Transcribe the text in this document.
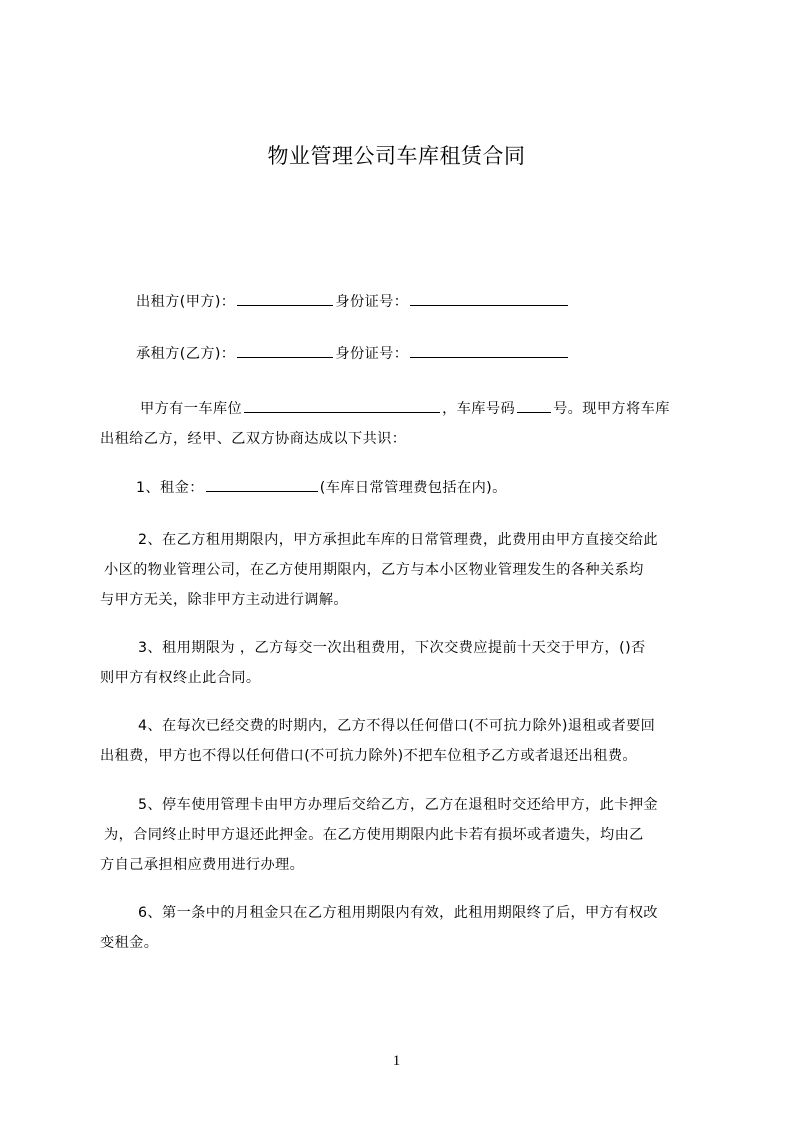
物业管理公司车库租赁合同

出租方(甲方)：	身份证号：

承租方(乙方)：	身份证号：

甲方有一车库位	，车库号码	号。现甲方将车库

出租给乙方，经甲、乙双方协商达成以下共识：

1、租金：	(车库日常管理费包括在内)。

2、在乙方租用期限内，甲方承担此车库的日常管理费，此费用由甲方直接交给此

小区的物业管理公司，在乙方使用期限内，乙方与本小区物业管理发生的各种关系均

与甲方无关，除非甲方主动进行调解。

3、租用期限为 ，乙方每交一次出租费用，下次交费应提前十天交于甲方，()否

则甲方有权终止此合同。

4、在每次已经交费的时期内，乙方不得以任何借口(不可抗力除外)退租或者要回

出租费，甲方也不得以任何借口(不可抗力除外)不把车位租予乙方或者退还出租费。

5、停车使用管理卡由甲方办理后交给乙方，乙方在退租时交还给甲方，此卡押金

为，合同终止时甲方退还此押金。在乙方使用期限内此卡若有损坏或者遗失，均由乙

方自己承担相应费用进行办理。

6、第一条中的月租金只在乙方租用期限内有效，此租用期限终了后，甲方有权改

变租金。

1
